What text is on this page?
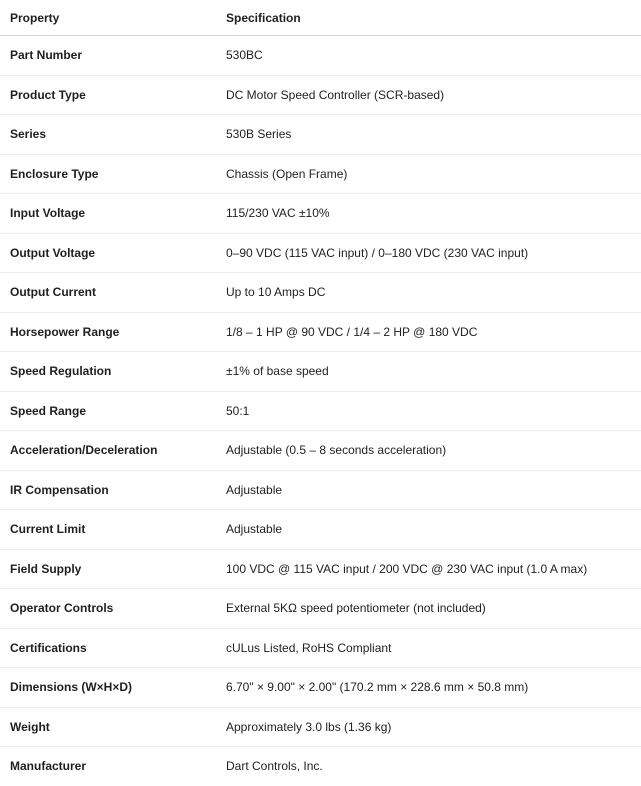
Property	Specification
Part Number	530BC
Product Type	DC Motor Speed Controller (SCR-based)
Series	530B Series
Enclosure Type	Chassis (Open Frame)
Input Voltage	115/230 VAC ±10%
Output Voltage	0–90 VDC (115 VAC input) / 0–180 VDC (230 VAC input)
Output Current	Up to 10 Amps DC
Horsepower Range	1/8 – 1 HP @ 90 VDC / 1/4 – 2 HP @ 180 VDC
Speed Regulation	±1% of base speed
Speed Range	50:1
Acceleration/Deceleration	Adjustable (0.5 – 8 seconds acceleration)
IR Compensation	Adjustable
Current Limit	Adjustable
Field Supply	100 VDC @ 115 VAC input / 200 VDC @ 230 VAC input (1.0 A max)
Operator Controls	External 5KΩ speed potentiometer (not included)
Certifications	cULus Listed, RoHS Compliant
Dimensions (W×H×D)	6.70" × 9.00" × 2.00" (170.2 mm × 228.6 mm × 50.8 mm)
Weight	Approximately 3.0 lbs (1.36 kg)
Manufacturer	Dart Controls, Inc.
